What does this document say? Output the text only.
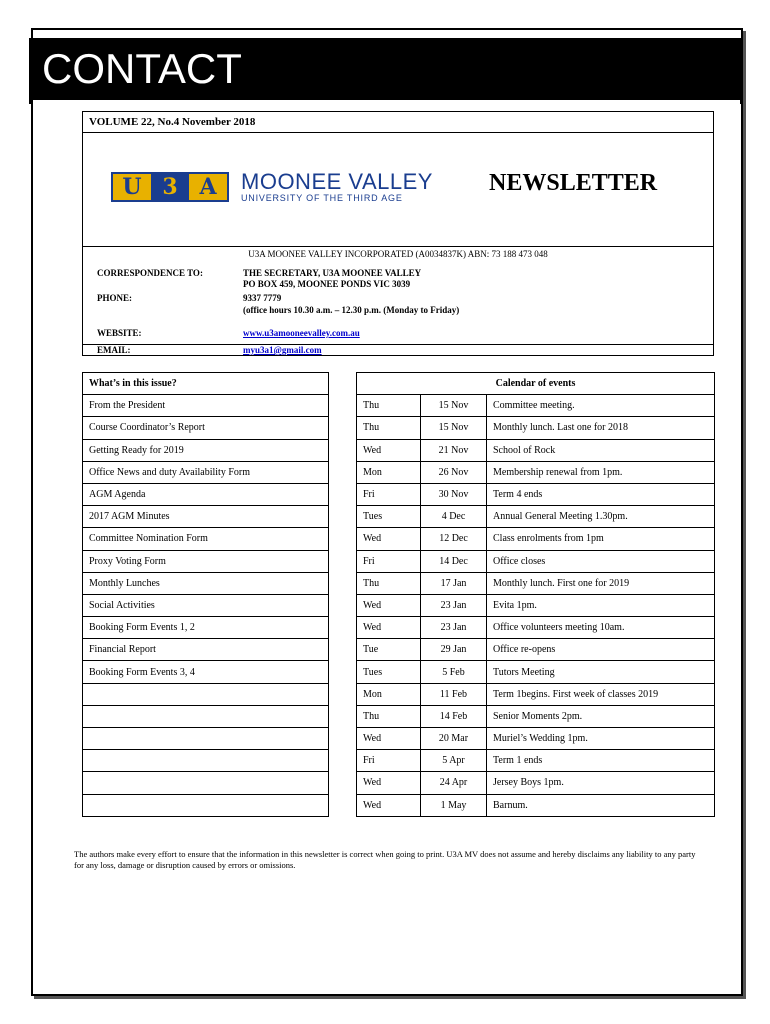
CONTACT
VOLUME 22, No.4 November 2018
U 3 A	MOONEE VALLEY
UNIVERSITY OF THE THIRD AGE
NEWSLETTER
U3A MOONEE VALLEY INCORPORATED (A0034837K) ABN: 73 188 473 048
CORRESPONDENCE TO:	THE SECRETARY, U3A MOONEE VALLEY
PO BOX 459, MOONEE PONDS VIC 3039
PHONE:	9337 7779
(office hours 10.30 a.m. – 12.30 p.m. (Monday to Friday)
WEBSITE:	www.u3amooneevalley.com.au
EMAIL:	myu3a1@gmail.com
What’s in this issue?		Calendar of events		
From the President		Thu	15 Nov	Committee meeting.
Course Coordinator’s Report		Thu	15 Nov	Monthly lunch. Last one for 2018
Getting Ready for 2019		Wed	21 Nov	School of Rock
Office News and duty Availability Form		Mon	26 Nov	Membership renewal from 1pm.
AGM Agenda		Fri	30 Nov	Term 4 ends
2017 AGM Minutes		Tues	4 Dec	Annual General Meeting 1.30pm.
Committee Nomination Form		Wed	12 Dec	Class enrolments from 1pm
Proxy Voting Form		Fri	14 Dec	Office closes
Monthly Lunches		Thu	17 Jan	Monthly lunch. First one for 2019
Social Activities		Wed	23 Jan	Evita 1pm.
Booking Form Events 1, 2		Wed	23 Jan	Office volunteers meeting 10am.
Financial Report		Tue	29 Jan	Office re-opens
Booking Form Events 3, 4		Tues	5 Feb	Tutors Meeting
		Mon	11 Feb	Term 1begins. First week of classes 2019
		Thu	14 Feb	Senior Moments 2pm.
		Wed	20 Mar	Muriel’s Wedding 1pm.
		Fri	5 Apr	Term 1 ends
		Wed	24 Apr	Jersey Boys 1pm.
		Wed	1 May	Barnum.
The authors make every effort to ensure that the information in this newsletter is correct when going to print. U3A MV does not assume and hereby disclaims any liability to any party for any loss, damage or disruption caused by errors or omissions.
